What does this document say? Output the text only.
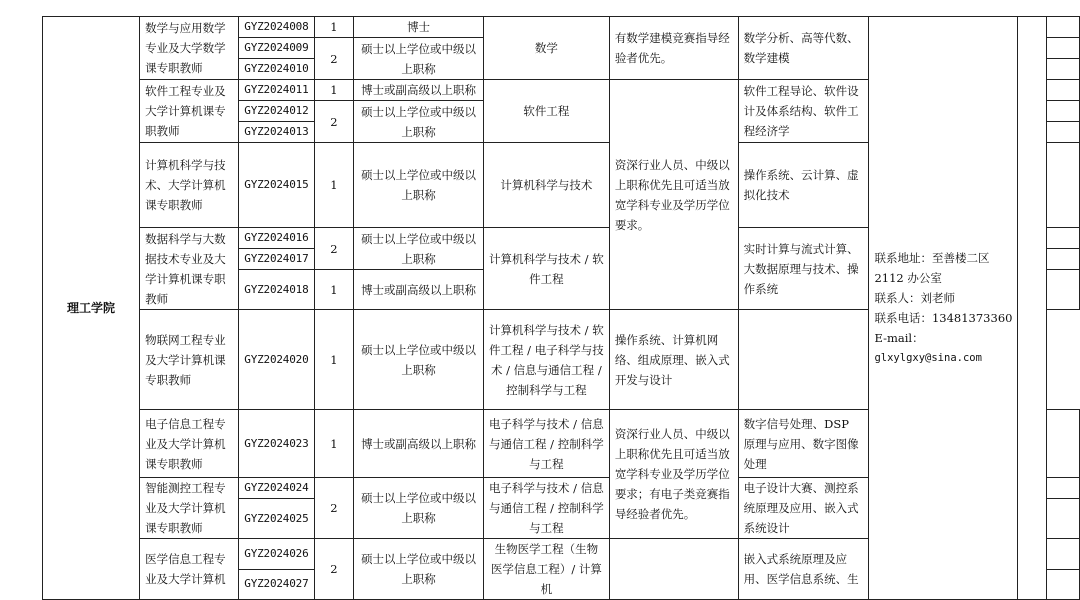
理工学院	数学与应用数学专业及大学数学课专职教师	GYZ2024008	1	博士	数学	有数学建模竞赛指导经验者优先。	数学分析、高等代数、数学建模	联系地址：至善楼二区 2112 办公室
联系人：刘老师
联系电话：13481373360
E-mail：
glxylgxy@sina.com		

		GYZ2024009	2	硕士以上学位或中级以上职称						
		GYZ2024010								
	软件工程专业及大学计算机课专职教师	GYZ2024011	1	博士或副高级以上职称	软件工程	资深行业人员、中级以上职称优先且可适当放宽学科专业及学历学位要求。	软件工程导论、软件设计及体系结构、软件工程经济学			
		GYZ2024012	2	硕士以上学位或中级以上职称						
		GYZ2024013								
	计算机科学与技术、大学计算机课专职教师	GYZ2024015	1	硕士以上学位或中级以上职称	计算机科学与技术		操作系统、云计算、虚拟化技术			
	数据科学与大数据技术专业及大学计算机课专职教师	GYZ2024016	2	硕士以上学位或中级以上职称	计算机科学与技术 / 软件工程		实时计算与流式计算、大数据原理与技术、操作系统			
		GYZ2024017								
		GYZ2024018	1	博士或副高级以上职称						
	物联网工程专业及大学计算机课专职教师	GYZ2024020	1	硕士以上学位或中级以上职称	计算机科学与技术 / 软件工程 / 电子科学与技术 / 信息与通信工程 / 控制科学与工程	操作系统、计算机网络、组成原理、嵌入式开发与设计				
	电子信息工程专业及大学计算机课专职教师	GYZ2024023	1	博士或副高级以上职称	电子科学与技术 / 信息与通信工程 / 控制科学与工程	资深行业人员、中级以上职称优先且可适当放宽学科专业及学历学位要求；有电子类竞赛指导经验者优先。	数字信号处理、DSP 原理与应用、数字图像处理			
	智能测控工程专业及大学计算机课专职教师	GYZ2024024	2	硕士以上学位或中级以上职称	电子科学与技术 / 信息与通信工程 / 控制科学与工程		电子设计大赛、测控系统原理及应用、嵌入式系统设计			
		GYZ2024025								
	医学信息工程专业及大学计算机	GYZ2024026	2	硕士以上学位或中级以上职称	生物医学工程（生物医学信息工程）/ 计算机		嵌入式系统原理及应用、医学信息系统、生			
		GYZ2024027								
